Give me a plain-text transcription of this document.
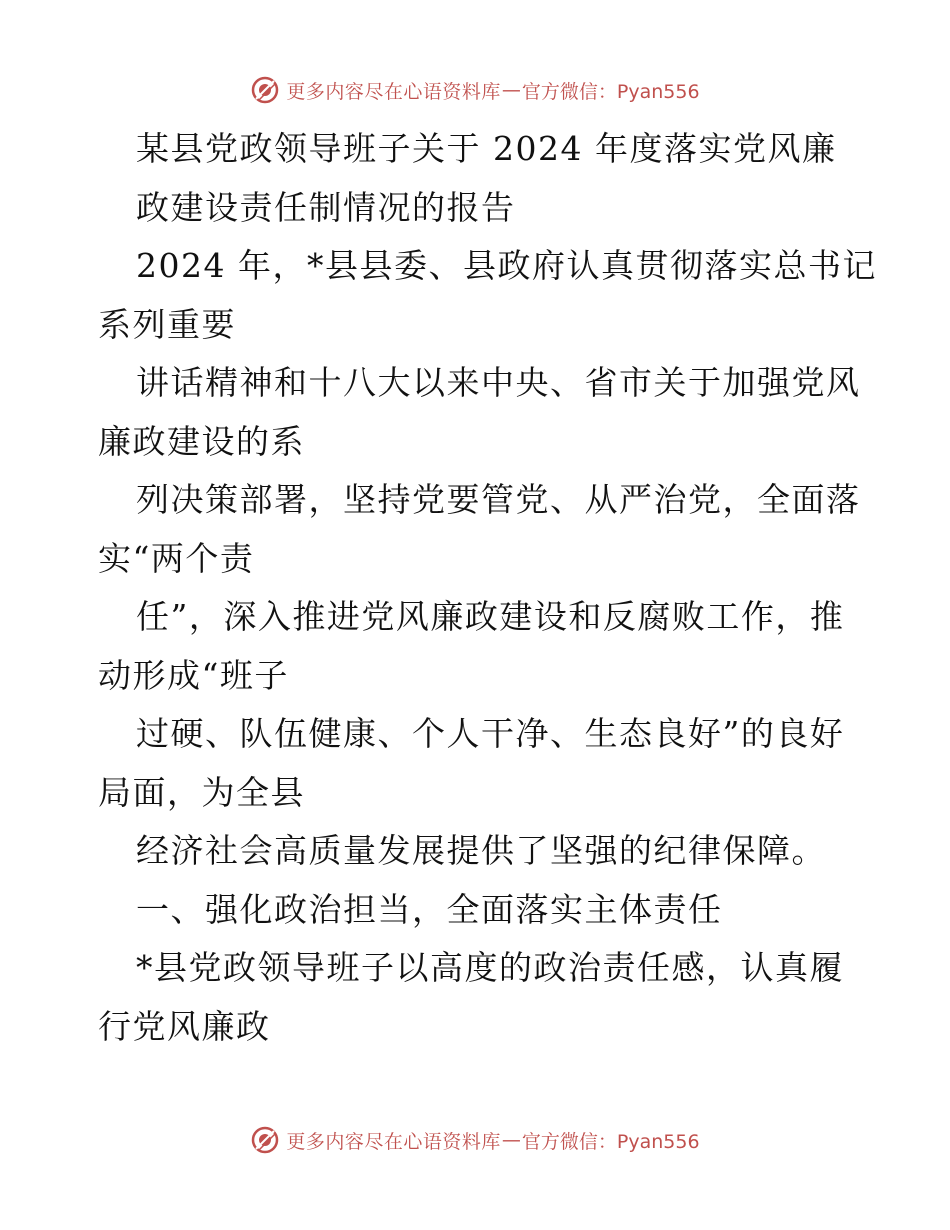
更多内容尽在心语资料库 — 官方微信：Pyan556
某县党政领导班子关于 2024 年度落实党风廉
政建设责任制情况的报告
2024 年，*县县委、县政府认真贯彻落实总书记
系列重要
讲话精神和十八大以来中央、省市关于加强党风
廉政建设的系
列决策部署，坚持党要管党、从严治党，全面落
实“两个责
任”，深入推进党风廉政建设和反腐败工作，推
动形成“班子
过硬、队伍健康、个人干净、生态良好”的良好
局面，为全县
经济社会高质量发展提供了坚强的纪律保障。
一、强化政治担当，全面落实主体责任
*县党政领导班子以高度的政治责任感，认真履
行党风廉政
更多内容尽在心语资料库 — 官方微信：Pyan556
